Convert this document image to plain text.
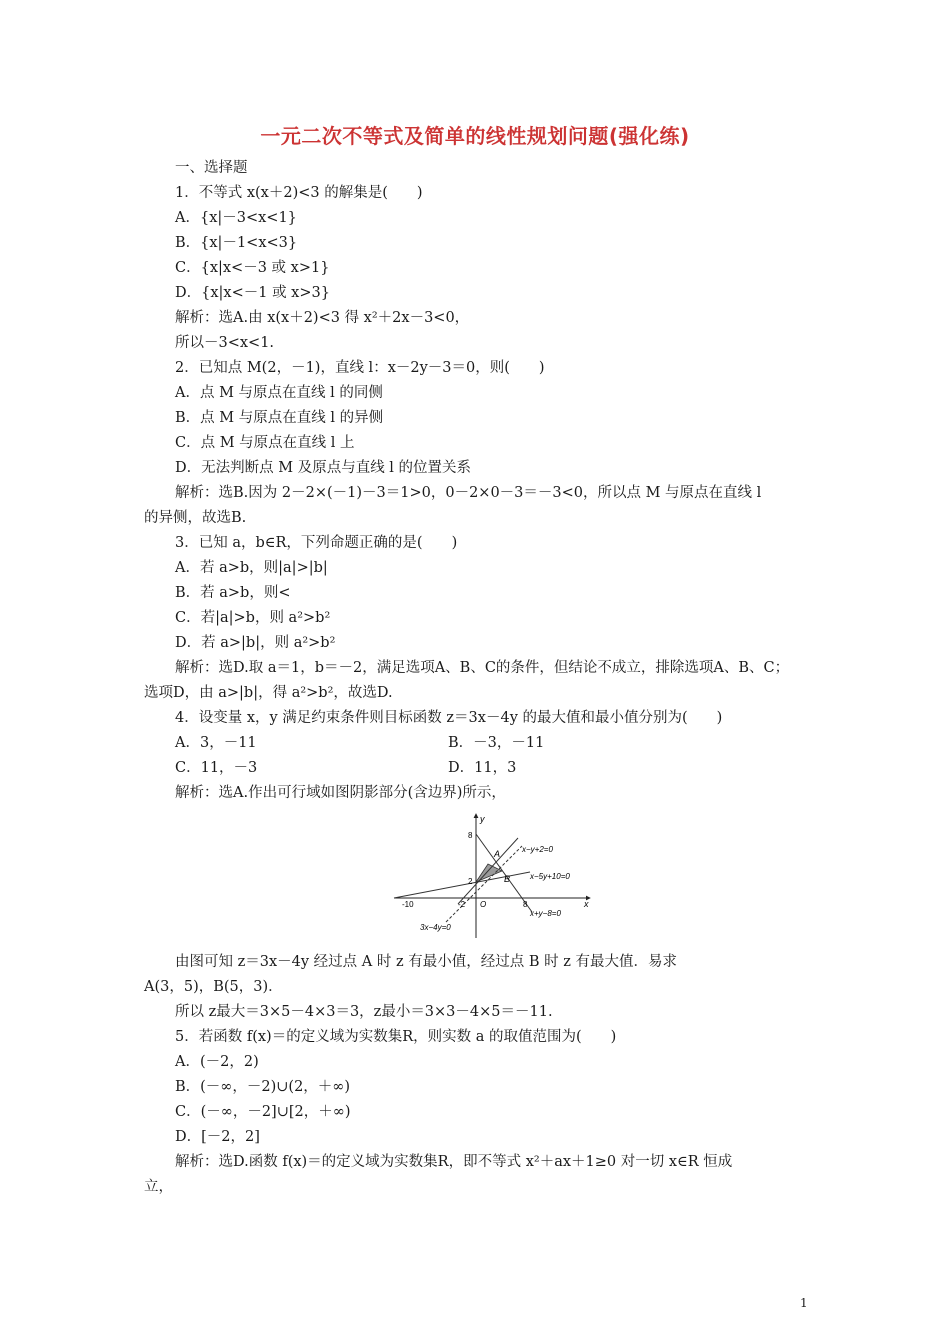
一元二次不等式及简单的线性规划问题(强化练)
一、选择题
1．不等式 x(x＋2)<3 的解集是(　　)
A．{x|－3<x<1}
B．{x|－1<x<3}
C．{x|x<－3 或 x>1}
D．{x|x<－1 或 x>3}
解析：选A.由 x(x＋2)<3 得 x²＋2x－3<0，
所以－3<x<1.
2．已知点 M(2，－1)，直线 l：x－2y－3＝0，则(　　)
A．点 M 与原点在直线 l 的同侧
B．点 M 与原点在直线 l 的异侧
C．点 M 与原点在直线 l 上
D．无法判断点 M 及原点与直线 l 的位置关系
解析：选B.因为 2－2×(－1)－3＝1>0，0－2×0－3＝－3<0，所以点 M 与原点在直线 l
的异侧，故选B.
3．已知 a，b∈R，下列命题正确的是(　　)
A．若 a>b，则|a|>|b|
B．若 a>b，则<
C．若|a|>b，则 a²>b²
D．若 a>|b|，则 a²>b²
解析：选D.取 a＝1，b＝－2，满足选项A、B、C的条件，但结论不成立，排除选项A、B、C；
选项D，由 a>|b|，得 a²>b²，故选D.
4．设变量 x，y 满足约束条件则目标函数 z＝3x－4y 的最大值和最小值分别为(　　)
A．3，－11	B．－3，－11
C．11，－3	D．11，3
解析：选A.作出可行域如图阴影部分(含边界)所示，
y
x
8
2
-10	-2 O	8
A
B
x−y+2=0
x−5y+10=0
x+y−8=0
3x−4y=0
由图可知 z＝3x－4y 经过点 A 时 z 有最小值，经过点 B 时 z 有最大值．易求
A(3，5)，B(5，3)．
所以 z最大＝3×5－4×3＝3，z最小＝3×3－4×5＝－11.
5．若函数 f(x)＝的定义域为实数集R，则实数 a 的取值范围为(　　)
A．(－2，2)
B．(－∞，－2)∪(2，＋∞)
C．(－∞，－2]∪[2，＋∞)
D．[－2，2]
解析：选D.函数 f(x)＝的定义域为实数集R，即不等式 x²＋ax＋1≥0 对一切 x∈R 恒成
立，
1
